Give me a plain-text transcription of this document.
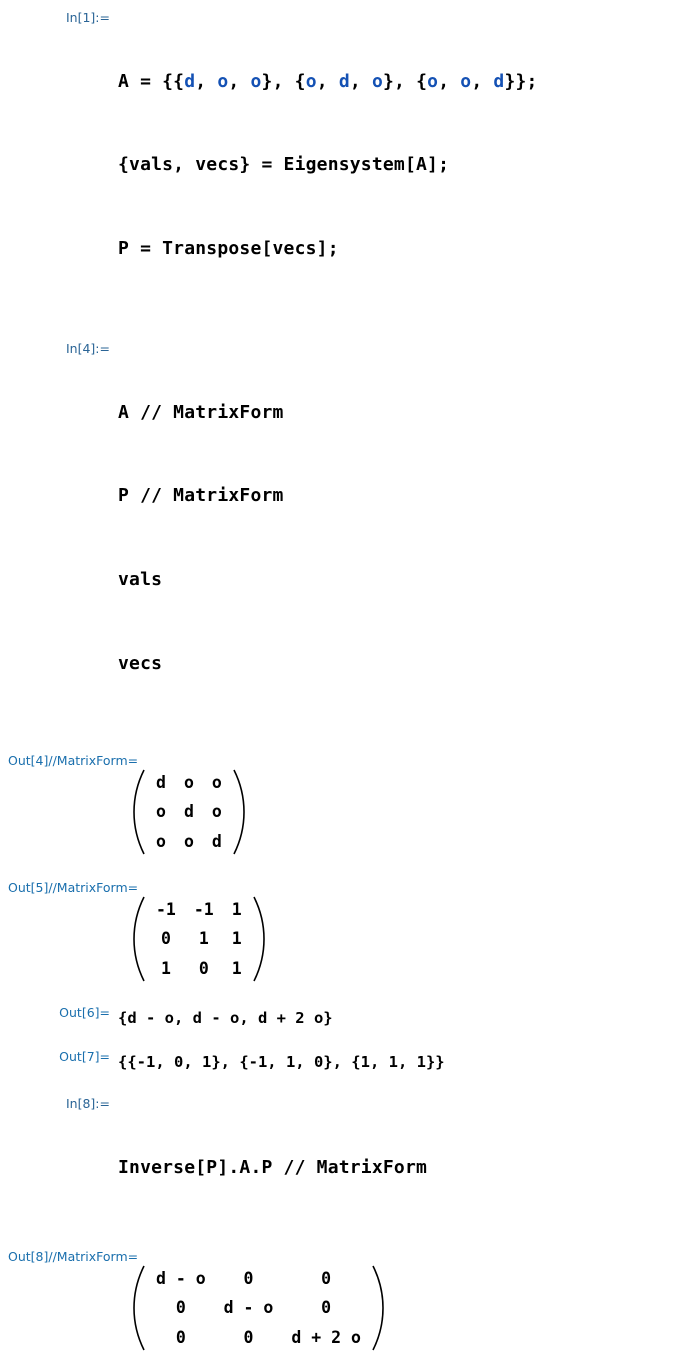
In[1]:=

A = {{d, o, o}, {o, d, o}, {o, o, d}};

{vals, vecs} = Eigensystem[A];

P = Transpose[vecs];

In[4]:=

A // MatrixForm

P // MatrixForm

vals

vecs

Out[4]//MatrixForm=
d	o	o
o	d	o
o	o	d
Out[5]//MatrixForm=
-1	-1	1
0	1	1
1	0	1
Out[6]= {d - o, d - o, d + 2 o}
Out[7]= {{-1, 0, 1}, {-1, 1, 0}, {1, 1, 1}}
In[8]:=

Inverse[P].A.P // MatrixForm

Out[8]//MatrixForm=
d - o	0	0
0	d - o	0
0	0	d + 2 o
